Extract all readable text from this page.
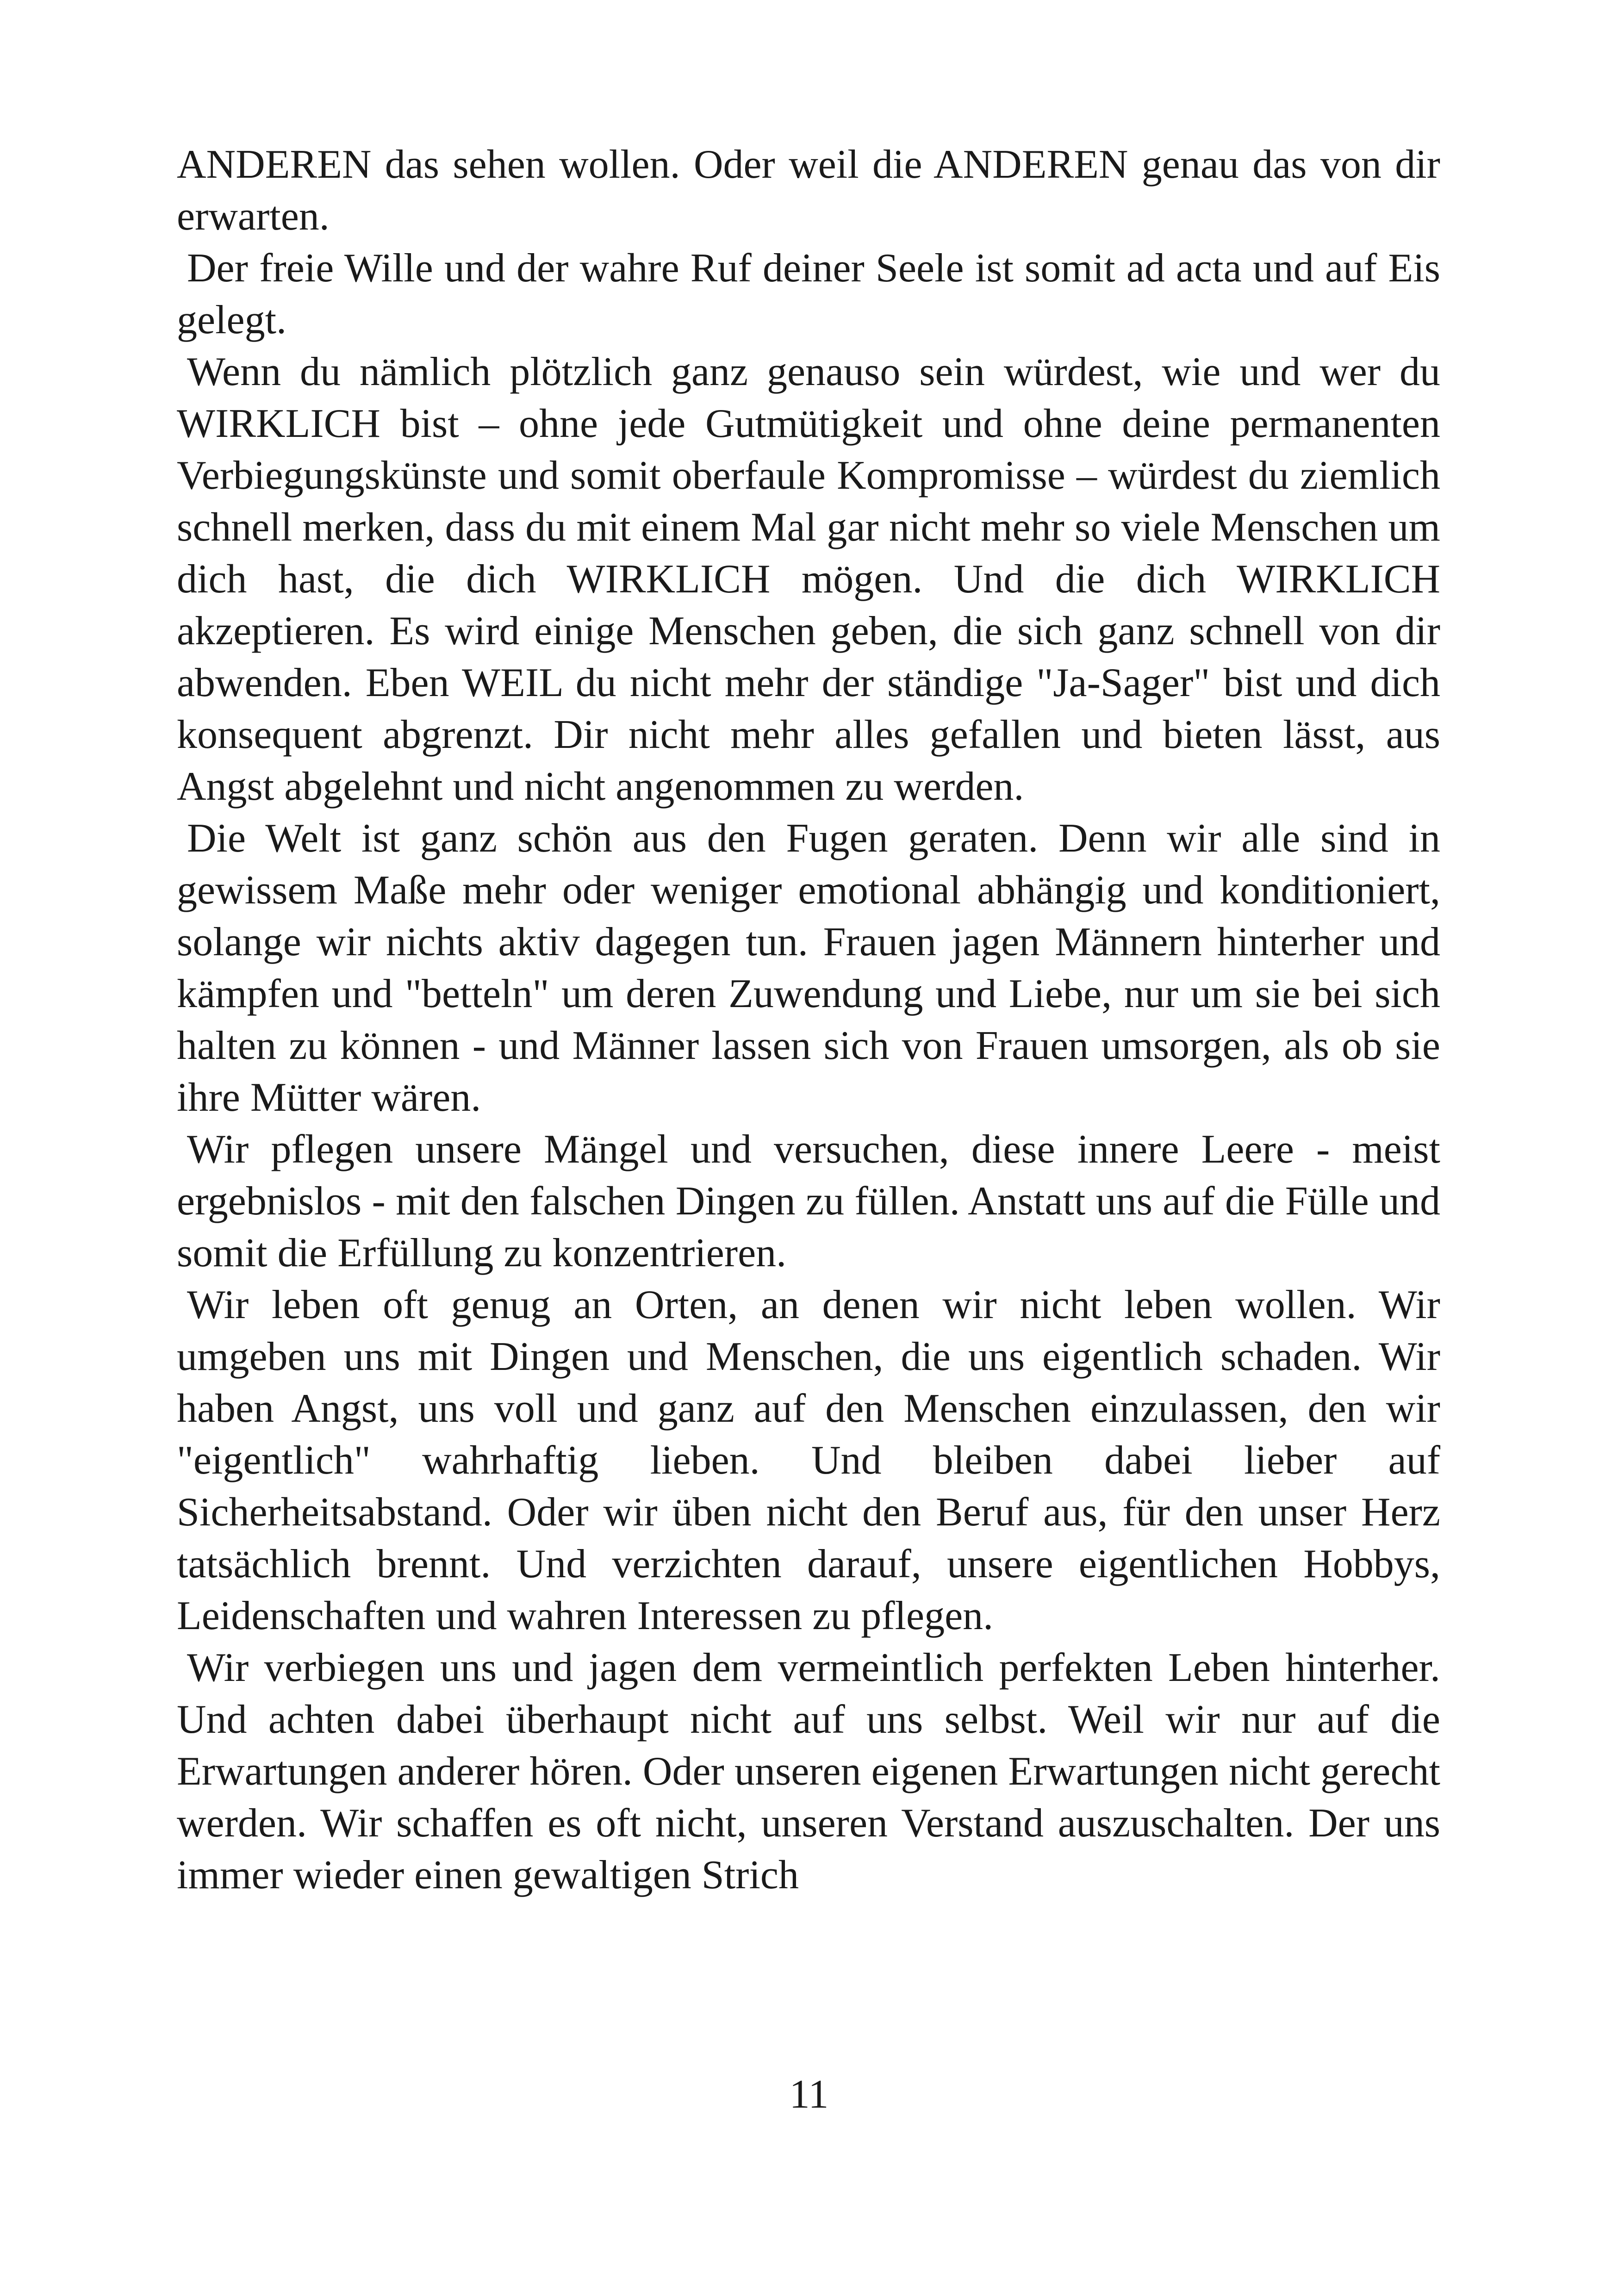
ANDEREN das sehen wollen. Oder weil die ANDEREN genau das von dir erwarten.

Der freie Wille und der wahre Ruf deiner Seele ist somit ad acta und auf Eis gelegt.

Wenn du nämlich plötzlich ganz genauso sein würdest, wie und wer du WIRKLICH bist – ohne jede Gutmütigkeit und ohne deine permanenten Verbiegungskünste und somit oberfaule Kompromisse – würdest du ziemlich schnell merken, dass du mit einem Mal gar nicht mehr so viele Menschen um dich hast, die dich WIRKLICH mögen. Und die dich WIRKLICH akzeptieren. Es wird einige Menschen geben, die sich ganz schnell von dir abwenden. Eben WEIL du nicht mehr der ständige "Ja-Sager" bist und dich konsequent abgrenzt. Dir nicht mehr alles gefallen und bieten lässt, aus Angst abgelehnt und nicht angenommen zu werden.

Die Welt ist ganz schön aus den Fugen geraten. Denn wir alle sind in gewissem Maße mehr oder weniger emotional abhängig und konditioniert, solange wir nichts aktiv dagegen tun. Frauen jagen Männern hinterher und kämpfen und "betteln" um deren Zuwendung und Liebe, nur um sie bei sich halten zu können - und Männer lassen sich von Frauen umsorgen, als ob sie ihre Mütter wären.

Wir pflegen unsere Mängel und versuchen, diese innere Leere - meist ergebnislos - mit den falschen Dingen zu füllen. Anstatt uns auf die Fülle und somit die Erfüllung zu konzentrieren.

Wir leben oft genug an Orten, an denen wir nicht leben wollen. Wir umgeben uns mit Dingen und Menschen, die uns eigentlich schaden. Wir haben Angst, uns voll und ganz auf den Menschen einzulassen, den wir "eigentlich" wahrhaftig lieben. Und bleiben dabei lieber auf Sicherheitsabstand. Oder wir üben nicht den Beruf aus, für den unser Herz tatsächlich brennt. Und verzichten darauf, unsere eigentlichen Hobbys, Leidenschaften und wahren Interessen zu pflegen.

Wir verbiegen uns und jagen dem vermeintlich perfekten Leben hinterher. Und achten dabei überhaupt nicht auf uns selbst. Weil wir nur auf die Erwartungen anderer hören. Oder unseren eigenen Erwartungen nicht gerecht werden. Wir schaffen es oft nicht, unseren Verstand auszuschalten. Der uns immer wieder einen gewaltigen Strich

11
